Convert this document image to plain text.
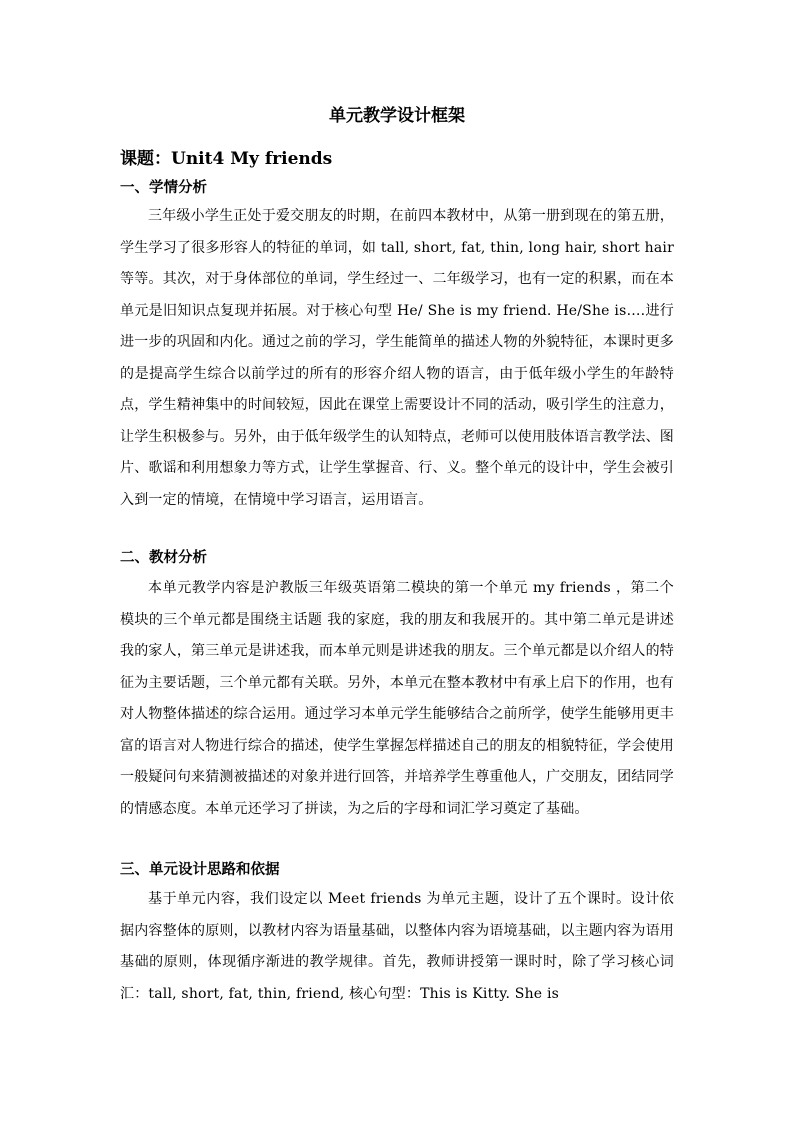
单元教学设计框架
课题：Unit4 My friends
一、学情分析

三年级小学生正处于爱交朋友的时期，在前四本教材中，从第一册到现在的第五册，学生学习了很多形容人的特征的单词，如 tall, short, fat, thin, long hair, short hair 等等。其次，对于身体部位的单词，学生经过一、二年级学习，也有一定的积累，而在本单元是旧知识点复现并拓展。对于核心句型 He/ She is my friend. He/She is….进行进一步的巩固和内化。通过之前的学习，学生能简单的描述人物的外貌特征，本课时更多的是提高学生综合以前学过的所有的形容介绍人物的语言，由于低年级小学生的年龄特点，学生精神集中的时间较短，因此在课堂上需要设计不同的活动，吸引学生的注意力，让学生积极参与。另外，由于低年级学生的认知特点，老师可以使用肢体语言教学法、图片、歌谣和利用想象力等方式，让学生掌握音、行、义。整个单元的设计中，学生会被引入到一定的情境，在情境中学习语言，运用语言。

二、教材分析

本单元教学内容是沪教版三年级英语第二模块的第一个单元 my friends ，第二个模块的三个单元都是围绕主话题 我的家庭，我的朋友和我展开的。其中第二单元是讲述我的家人，第三单元是讲述我，而本单元则是讲述我的朋友。三个单元都是以介绍人的特征为主要话题，三个单元都有关联。另外，本单元在整本教材中有承上启下的作用，也有对人物整体描述的综合运用。通过学习本单元学生能够结合之前所学，使学生能够用更丰富的语言对人物进行综合的描述，使学生掌握怎样描述自己的朋友的相貌特征，学会使用一般疑问句来猜测被描述的对象并进行回答，并培养学生尊重他人，广交朋友，团结同学的情感态度。本单元还学习了拼读，为之后的字母和词汇学习奠定了基础。

三、单元设计思路和依据

基于单元内容，我们设定以 Meet friends 为单元主题，设计了五个课时。设计依据内容整体的原则，以教材内容为语量基础，以整体内容为语境基础，以主题内容为语用基础的原则，体现循序渐进的教学规律。首先，教师讲授第一课时时，除了学习核心词汇：tall, short, fat, thin, friend, 核心句型：This is Kitty. She is
